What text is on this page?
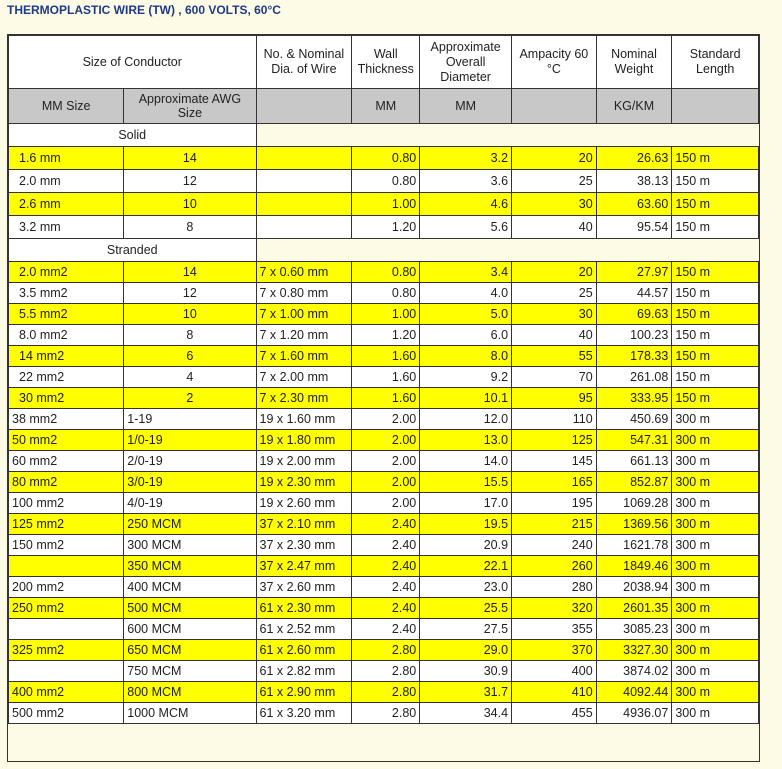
THERMOPLASTIC WIRE (TW) , 600 VOLTS, 60°C
Size of Conductor		No. & Nominal Dia. of Wire	Wall Thickness	Approximate Overall Diameter	Ampacity 60 °C	Nominal Weight	Standard Length
MM Size	Approximate AWG Size		MM	MM		KG/KM	
Solid							
1.6 mm	14		0.80	3.2	20	26.63	150 m
2.0 mm	12		0.80	3.6	25	38.13	150 m
2.6 mm	10		1.00	4.6	30	63.60	150 m
3.2 mm	8		1.20	5.6	40	95.54	150 m
Stranded							
2.0 mm2	14	7 x 0.60 mm	0.80	3.4	20	27.97	150 m
3.5 mm2	12	7 x 0.80 mm	0.80	4.0	25	44.57	150 m
5.5 mm2	10	7 x 1.00 mm	1.00	5.0	30	69.63	150 m
8.0 mm2	8	7 x 1.20 mm	1.20	6.0	40	100.23	150 m
14 mm2	6	7 x 1.60 mm	1.60	8.0	55	178.33	150 m
22 mm2	4	7 x 2.00 mm	1.60	9.2	70	261.08	150 m
30 mm2	2	7 x 2.30 mm	1.60	10.1	95	333.95	150 m
38 mm2	1-19	19 x 1.60 mm	2.00	12.0	110	450.69	300 m
50 mm2	1/0-19	19 x 1.80 mm	2.00	13.0	125	547.31	300 m
60 mm2	2/0-19	19 x 2.00 mm	2.00	14.0	145	661.13	300 m
80 mm2	3/0-19	19 x 2.30 mm	2.00	15.5	165	852.87	300 m
100 mm2	4/0-19	19 x 2.60 mm	2.00	17.0	195	1069.28	300 m
125 mm2	250 MCM	37 x 2.10 mm	2.40	19.5	215	1369.56	300 m
150 mm2	300 MCM	37 x 2.30 mm	2.40	20.9	240	1621.78	300 m
	350 MCM	37 x 2.47 mm	2.40	22.1	260	1849.46	300 m
200 mm2	400 MCM	37 x 2.60 mm	2.40	23.0	280	2038.94	300 m
250 mm2	500 MCM	61 x 2.30 mm	2.40	25.5	320	2601.35	300 m
	600 MCM	61 x 2.52 mm	2.40	27.5	355	3085.23	300 m
325 mm2	650 MCM	61 x 2.60 mm	2.80	29.0	370	3327.30	300 m
	750 MCM	61 x 2.82 mm	2.80	30.9	400	3874.02	300 m
400 mm2	800 MCM	61 x 2.90 mm	2.80	31.7	410	4092.44	300 m
500 mm2	1000 MCM	61 x 3.20 mm	2.80	34.4	455	4936.07	300 m
